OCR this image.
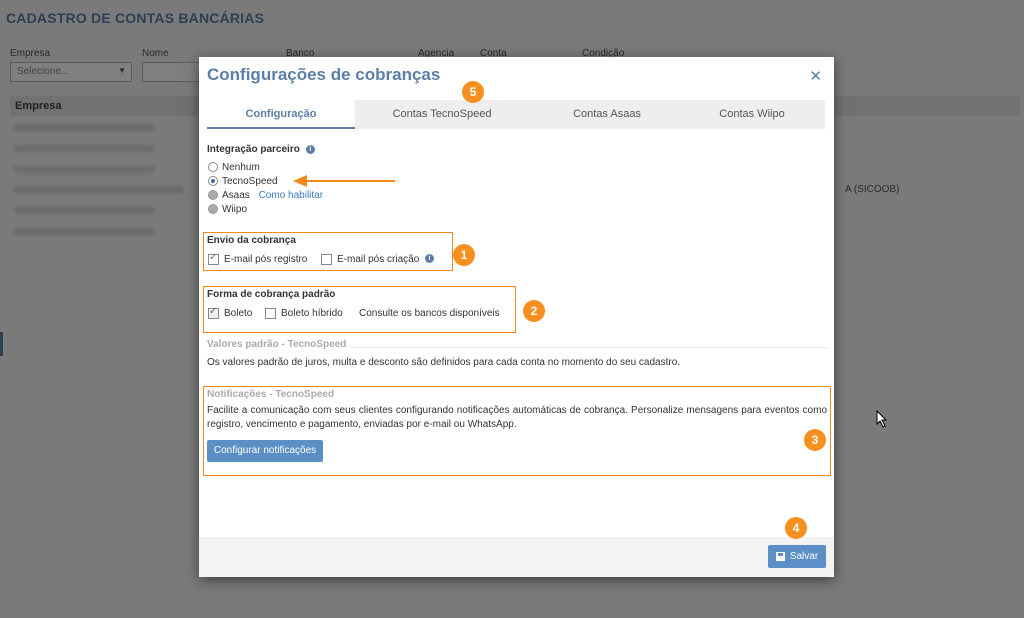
Configurações de cobranças	✕
Configuração	Contas TecnoSpeed	Contas Asaas	Contas Wiipo
Integração parceiro i
Nenhum
TecnoSpeed
Asaas Como habilitar
Wiipo
5
Envio da cobrança
✓E-mail pós registro	E-mail pós criação	i	1
Forma de cobrança padrão
✓Boleto	Boleto híbrido Consulte os bancos disponíveis	2
Valores padrão - TecnoSpeed
Os valores padrão de juros, multa e desconto são definidos para cada conta no momento do seu cadastro.
Notificações - TecnoSpeed
Facilite a comunicação com seus clientes configurando notificações automáticas de cobrança. Personalize mensagens para eventos como registro, vencimento e pagamento, enviadas por e-mail ou WhatsApp.
Configurar notificações
3
Salvar
4
